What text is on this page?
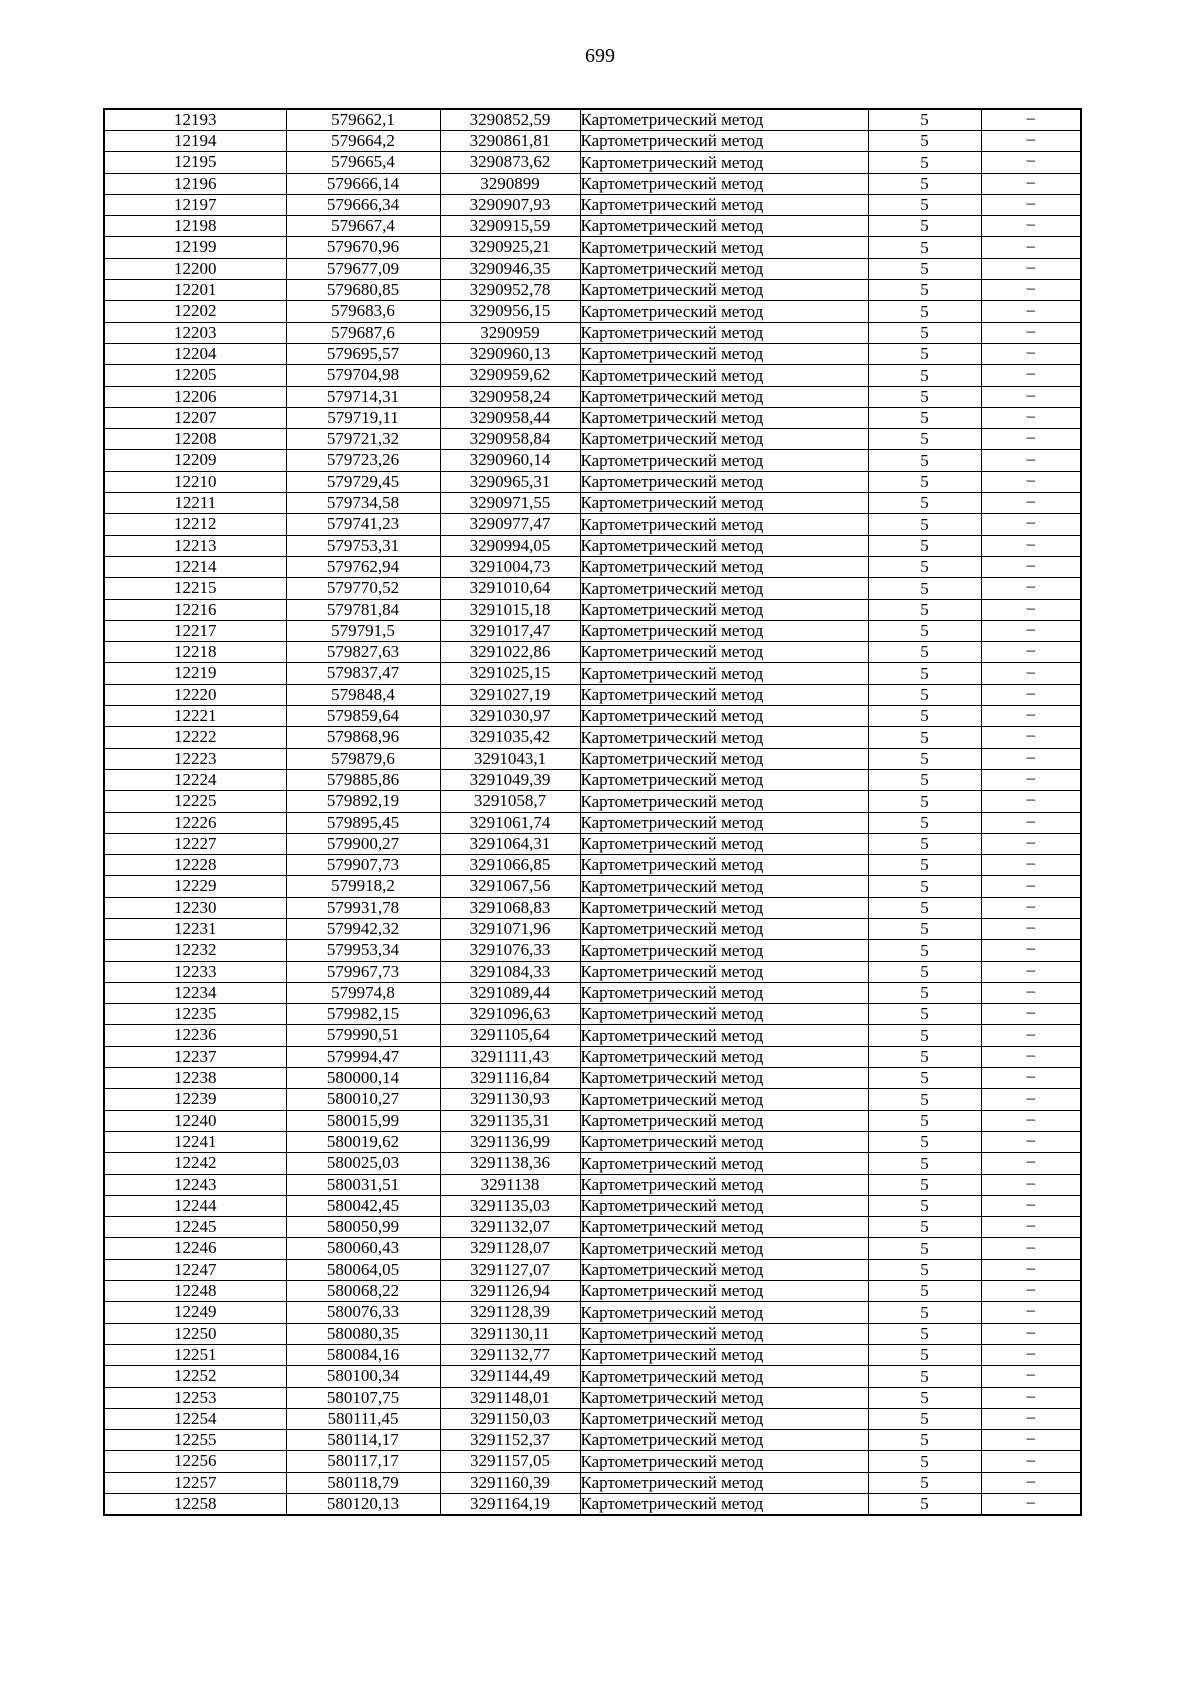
699
12193	579662,1	3290852,59	Картометрический метод	5	–
12194	579664,2	3290861,81	Картометрический метод	5	–
12195	579665,4	3290873,62	Картометрический метод	5	–
12196	579666,14	3290899	Картометрический метод	5	–
12197	579666,34	3290907,93	Картометрический метод	5	–
12198	579667,4	3290915,59	Картометрический метод	5	–
12199	579670,96	3290925,21	Картометрический метод	5	–
12200	579677,09	3290946,35	Картометрический метод	5	–
12201	579680,85	3290952,78	Картометрический метод	5	–
12202	579683,6	3290956,15	Картометрический метод	5	–
12203	579687,6	3290959	Картометрический метод	5	–
12204	579695,57	3290960,13	Картометрический метод	5	–
12205	579704,98	3290959,62	Картометрический метод	5	–
12206	579714,31	3290958,24	Картометрический метод	5	–
12207	579719,11	3290958,44	Картометрический метод	5	–
12208	579721,32	3290958,84	Картометрический метод	5	–
12209	579723,26	3290960,14	Картометрический метод	5	–
12210	579729,45	3290965,31	Картометрический метод	5	–
12211	579734,58	3290971,55	Картометрический метод	5	–
12212	579741,23	3290977,47	Картометрический метод	5	–
12213	579753,31	3290994,05	Картометрический метод	5	–
12214	579762,94	3291004,73	Картометрический метод	5	–
12215	579770,52	3291010,64	Картометрический метод	5	–
12216	579781,84	3291015,18	Картометрический метод	5	–
12217	579791,5	3291017,47	Картометрический метод	5	–
12218	579827,63	3291022,86	Картометрический метод	5	–
12219	579837,47	3291025,15	Картометрический метод	5	–
12220	579848,4	3291027,19	Картометрический метод	5	–
12221	579859,64	3291030,97	Картометрический метод	5	–
12222	579868,96	3291035,42	Картометрический метод	5	–
12223	579879,6	3291043,1	Картометрический метод	5	–
12224	579885,86	3291049,39	Картометрический метод	5	–
12225	579892,19	3291058,7	Картометрический метод	5	–
12226	579895,45	3291061,74	Картометрический метод	5	–
12227	579900,27	3291064,31	Картометрический метод	5	–
12228	579907,73	3291066,85	Картометрический метод	5	–
12229	579918,2	3291067,56	Картометрический метод	5	–
12230	579931,78	3291068,83	Картометрический метод	5	–
12231	579942,32	3291071,96	Картометрический метод	5	–
12232	579953,34	3291076,33	Картометрический метод	5	–
12233	579967,73	3291084,33	Картометрический метод	5	–
12234	579974,8	3291089,44	Картометрический метод	5	–
12235	579982,15	3291096,63	Картометрический метод	5	–
12236	579990,51	3291105,64	Картометрический метод	5	–
12237	579994,47	3291111,43	Картометрический метод	5	–
12238	580000,14	3291116,84	Картометрический метод	5	–
12239	580010,27	3291130,93	Картометрический метод	5	–
12240	580015,99	3291135,31	Картометрический метод	5	–
12241	580019,62	3291136,99	Картометрический метод	5	–
12242	580025,03	3291138,36	Картометрический метод	5	–
12243	580031,51	3291138	Картометрический метод	5	–
12244	580042,45	3291135,03	Картометрический метод	5	–
12245	580050,99	3291132,07	Картометрический метод	5	–
12246	580060,43	3291128,07	Картометрический метод	5	–
12247	580064,05	3291127,07	Картометрический метод	5	–
12248	580068,22	3291126,94	Картометрический метод	5	–
12249	580076,33	3291128,39	Картометрический метод	5	–
12250	580080,35	3291130,11	Картометрический метод	5	–
12251	580084,16	3291132,77	Картометрический метод	5	–
12252	580100,34	3291144,49	Картометрический метод	5	–
12253	580107,75	3291148,01	Картометрический метод	5	–
12254	580111,45	3291150,03	Картометрический метод	5	–
12255	580114,17	3291152,37	Картометрический метод	5	–
12256	580117,17	3291157,05	Картометрический метод	5	–
12257	580118,79	3291160,39	Картометрический метод	5	–
12258	580120,13	3291164,19	Картометрический метод	5	–
